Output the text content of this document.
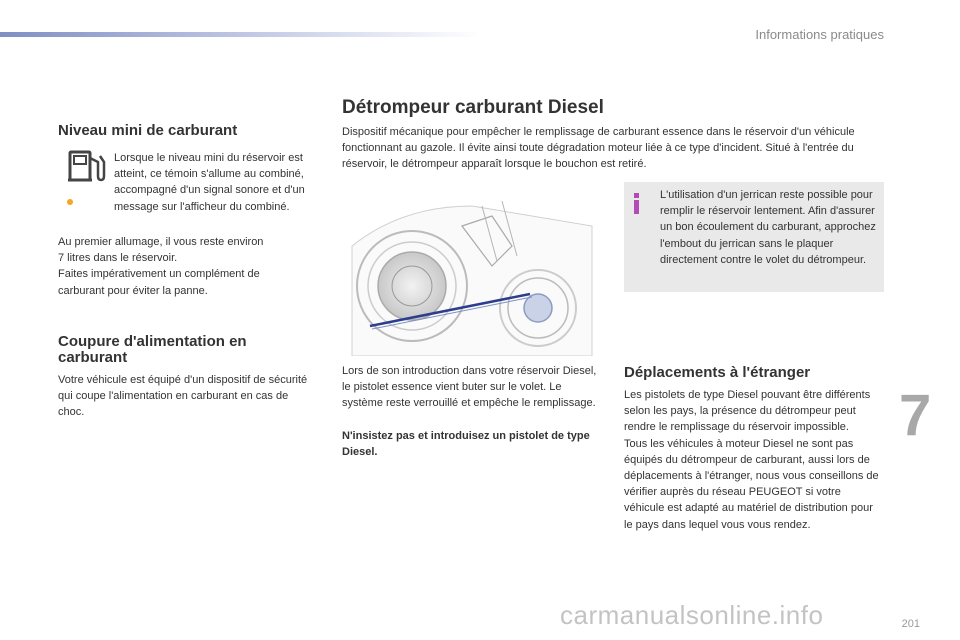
Informations pratiques
Niveau mini de carburant
Lorsque le niveau mini du réservoir est atteint, ce témoin s'allume au combiné, accompagné d'un signal sonore et d'un message sur l'afficheur du combiné.
Au premier allumage, il vous reste environ
7 litres dans le réservoir.
Faites impérativement un complément de
carburant pour éviter la panne.
Coupure d'alimentation en carburant
Votre véhicule est équipé d'un dispositif de sécurité qui coupe l'alimentation en carburant en cas de choc.
Détrompeur carburant Diesel
Dispositif mécanique pour empêcher le remplissage de carburant essence dans le réservoir d'un véhicule fonctionnant au gazole. Il évite ainsi toute dégradation moteur liée à ce type d'incident. Situé à l'entrée du réservoir, le détrompeur apparaît lorsque le bouchon est retiré.
L'utilisation d'un jerrican reste possible pour remplir le réservoir lentement. Afin d'assurer un bon écoulement du carburant, approchez l'embout du jerrican sans le plaquer directement contre le volet du détrompeur.
Lors de son introduction dans votre réservoir Diesel, le pistolet essence vient buter sur le volet. Le système reste verrouillé et empêche le remplissage.
N'insistez pas et introduisez un pistolet de type Diesel.
Déplacements à l'étranger
Les pistolets de type Diesel pouvant être différents selon les pays, la présence du détrompeur peut rendre le remplissage du réservoir impossible.
Tous les véhicules à moteur Diesel ne sont pas équipés du détrompeur de carburant, aussi lors de déplacements à l'étranger, nous vous conseillons de vérifier auprès du réseau PEUGEOT si votre véhicule est adapté au matériel de distribution pour le pays dans lequel vous vous rendez.
7
201
carmanualsonline.info
